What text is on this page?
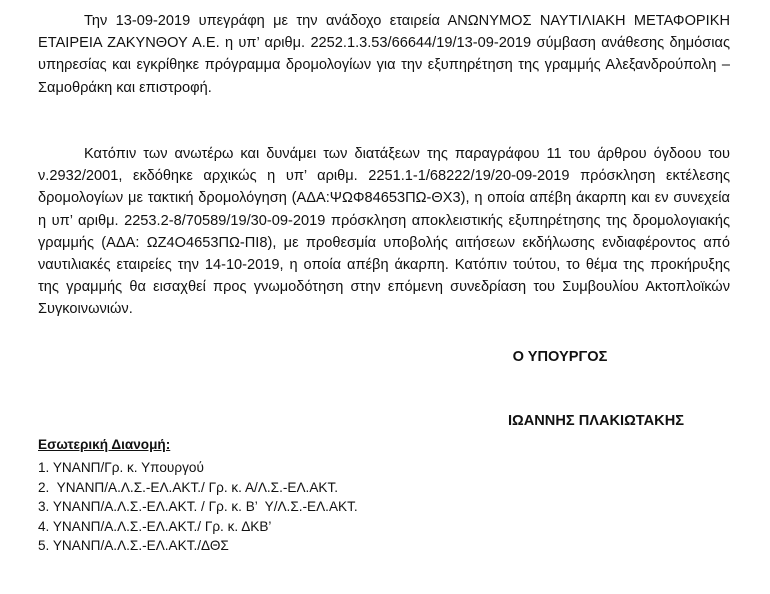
Την 13-09-2019 υπεγράφη με την ανάδοχο εταιρεία ΑΝΩΝΥΜΟΣ ΝΑΥΤΙΛΙΑΚΗ ΜΕΤΑΦΟΡΙΚΗ ΕΤΑΙΡΕΙΑ ΖΑΚΥΝΘΟΥ Α.Ε. η υπ’ αριθμ. 2252.1.3.53/66644/19/13-09-2019 σύμβαση ανάθεσης δημόσιας υπηρεσίας και εγκρίθηκε πρόγραμμα δρομολογίων για την εξυπηρέτηση της γραμμής Αλεξανδρούπολη – Σαμοθράκη και επιστροφή.

Κατόπιν των ανωτέρω και δυνάμει των διατάξεων της παραγράφου 11 του άρθρου όγδοου του ν.2932/2001, εκδόθηκε αρχικώς η υπ’ αριθμ. 2251.1-1/68222/19/20-09-2019 πρόσκληση εκτέλεσης δρομολογίων με τακτική δρομολόγηση (ΑΔΑ:ΨΩΦ84653ΠΩ-ΘΧ3), η οποία απέβη άκαρπη και εν συνεχεία η υπ’ αριθμ. 2253.2-8/70589/19/30-09-2019 πρόσκληση αποκλειστικής εξυπηρέτησης της δρομολογιακής γραμμής (ΑΔΑ: ΩΖ4Ο4653ΠΩ-ΠΙ8), με προθεσμία υποβολής αιτήσεων εκδήλωσης ενδιαφέροντος από ναυτιλιακές εταιρείες την 14-10-2019, η οποία απέβη άκαρπη. Κατόπιν τούτου, το θέμα της προκήρυξης της γραμμής θα εισαχθεί προς γνωμοδότηση στην επόμενη συνεδρίαση του Συμβουλίου Ακτοπλοϊκών Συγκοινωνιών.

Ο ΥΠΟΥΡΓΟΣ
ΙΩΑΝΝΗΣ ΠΛΑΚΙΩΤΑΚΗΣ
Εσωτερική Διανομή:
1. ΥΝΑΝΠ/Γρ. κ. Υπουργού
2.  ΥΝΑΝΠ/Α.Λ.Σ.-ΕΛ.ΑΚΤ./ Γρ. κ. Α/Λ.Σ.-ΕΛ.ΑΚΤ.
3. ΥΝΑΝΠ/Α.Λ.Σ.-ΕΛ.ΑΚΤ. / Γρ. κ. Β’  Υ/Λ.Σ.-ΕΛ.ΑΚΤ.
4. ΥΝΑΝΠ/Α.Λ.Σ.-ΕΛ.ΑΚΤ./ Γρ. κ. ΔΚΒ’
5. ΥΝΑΝΠ/Α.Λ.Σ.-ΕΛ.ΑΚΤ./ΔΘΣ
